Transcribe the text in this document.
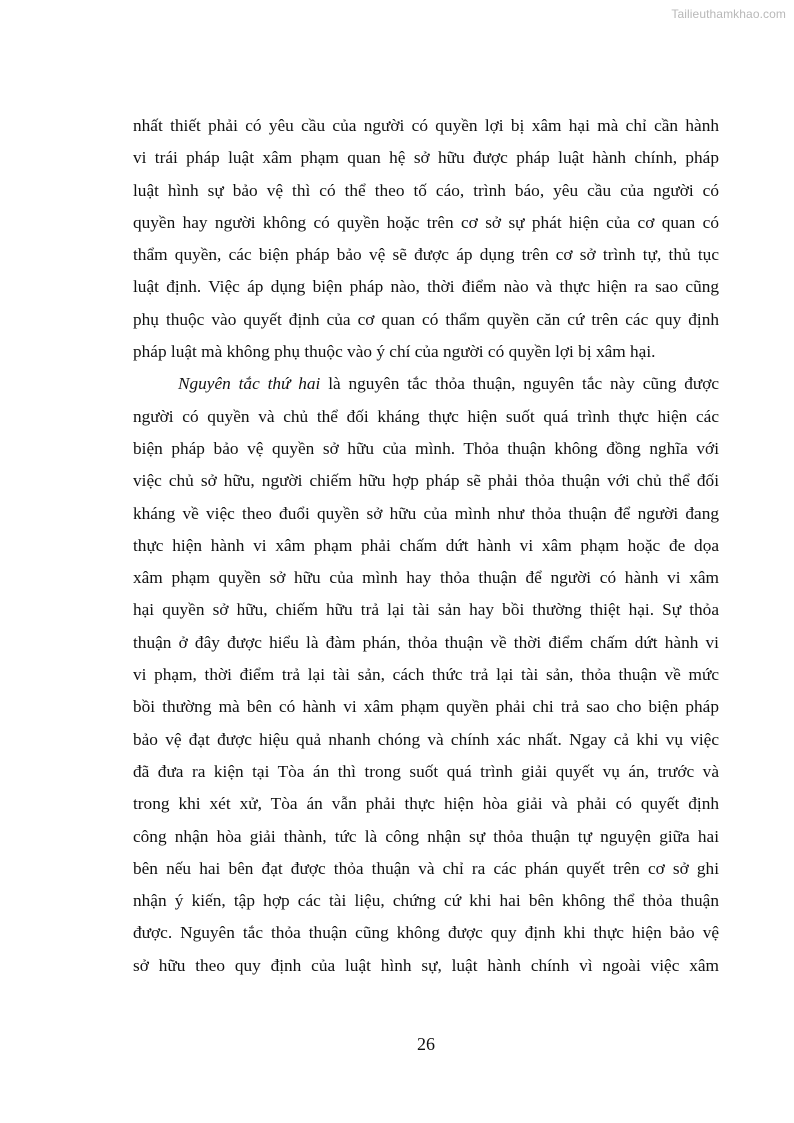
Tailieuthamkhao.com

nhất thiết phải có yêu cầu của người có quyền lợi bị xâm hại mà chỉ cần hành

vi trái pháp luật xâm phạm quan hệ sở hữu được pháp luật hành chính, pháp

luật hình sự bảo vệ thì có thể theo tố cáo, trình báo, yêu cầu của người có

quyền hay người không có quyền hoặc trên cơ sở sự phát hiện của cơ quan có

thẩm quyền, các biện pháp bảo vệ sẽ được áp dụng trên cơ sở trình tự, thủ tục

luật định. Việc áp dụng biện pháp nào, thời điểm nào và thực hiện ra sao cũng

phụ thuộc vào quyết định của cơ quan có thẩm quyền căn cứ trên các quy định

pháp luật mà không phụ thuộc vào ý chí của người có quyền lợi bị xâm hại.

Nguyên tắc thứ hai là nguyên tắc thỏa thuận, nguyên tắc này cũng được

người có quyền và chủ thể đối kháng thực hiện suốt quá trình thực hiện các

biện pháp bảo vệ quyền sở hữu của mình. Thỏa thuận không đồng nghĩa với

việc chủ sở hữu, người chiếm hữu hợp pháp sẽ phải thỏa thuận với chủ thể đối

kháng về việc theo đuổi quyền sở hữu của mình như thỏa thuận để người đang

thực hiện hành vi xâm phạm phải chấm dứt hành vi xâm phạm hoặc đe dọa

xâm phạm quyền sở hữu của mình hay thỏa thuận để người có hành vi xâm

hại quyền sở hữu, chiếm hữu trả lại tài sản hay bồi thường thiệt hại. Sự thỏa

thuận ở đây được hiểu là đàm phán, thỏa thuận về thời điểm chấm dứt hành vi

vi phạm, thời điểm trả lại tài sản, cách thức trả lại tài sản, thỏa thuận về mức

bồi thường mà bên có hành vi xâm phạm quyền phải chi trả sao cho biện pháp

bảo vệ đạt được hiệu quả nhanh chóng và chính xác nhất. Ngay cả khi vụ việc

đã đưa ra kiện tại Tòa án thì trong suốt quá trình giải quyết vụ án, trước và

trong khi xét xử, Tòa án vẫn phải thực hiện hòa giải và phải có quyết định

công nhận hòa giải thành, tức là công nhận sự thỏa thuận tự nguyện giữa hai

bên nếu hai bên đạt được thỏa thuận và chỉ ra các phán quyết trên cơ sở ghi

nhận ý kiến, tập hợp các tài liệu, chứng cứ khi hai bên không thể thỏa thuận

được. Nguyên tắc thỏa thuận cũng không được quy định khi thực hiện bảo vệ

sở hữu theo quy định của luật hình sự, luật hành chính vì ngoài việc xâm

26
